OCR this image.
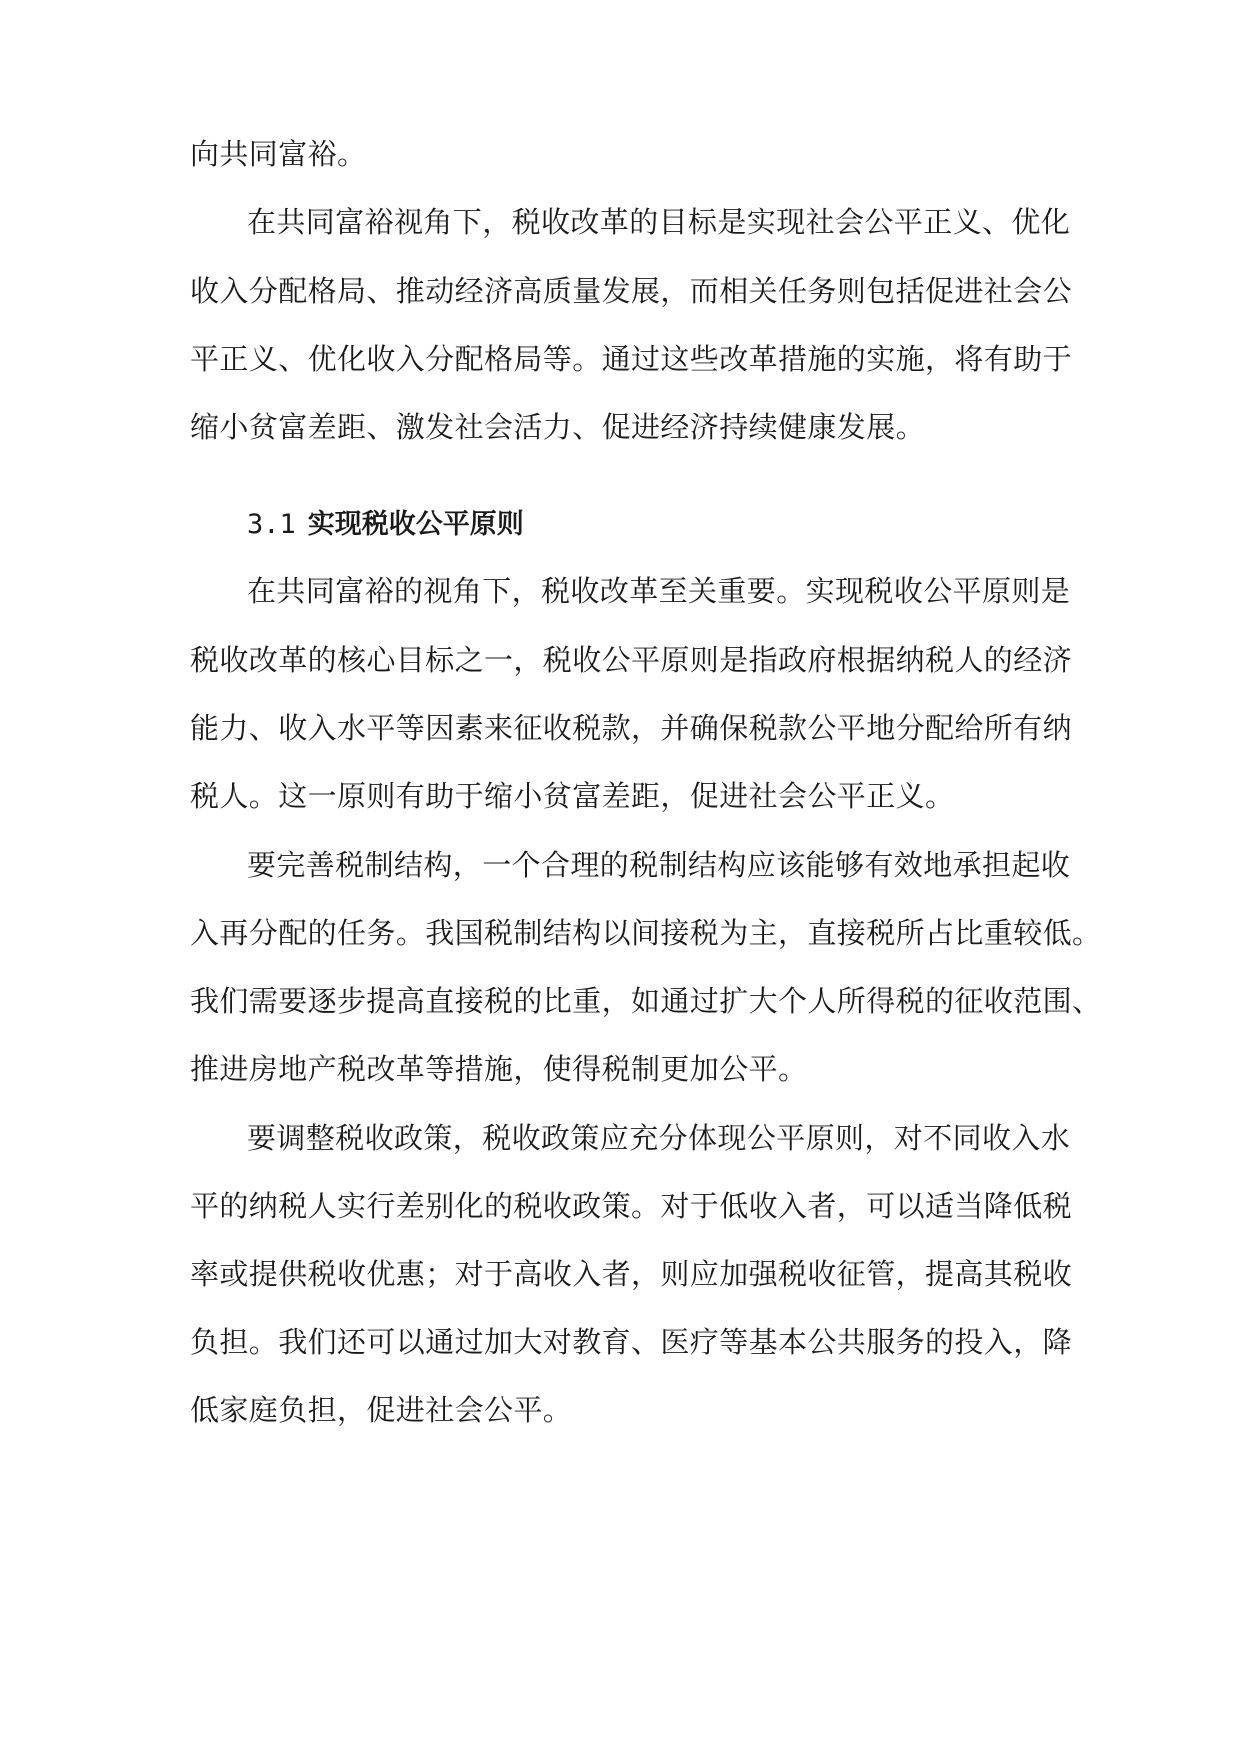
向共同富裕。
在共同富裕视角下，税收改革的目标是实现社会公平正义、优化
收入分配格局、推动经济高质量发展，而相关任务则包括促进社会公
平正义、优化收入分配格局等。通过这些改革措施的实施，将有助于
缩小贫富差距、激发社会活力、促进经济持续健康发展。
3.1 实现税收公平原则
在共同富裕的视角下，税收改革至关重要。实现税收公平原则是
税收改革的核心目标之一，税收公平原则是指政府根据纳税人的经济
能力、收入水平等因素来征收税款，并确保税款公平地分配给所有纳
税人。这一原则有助于缩小贫富差距，促进社会公平正义。
要完善税制结构，一个合理的税制结构应该能够有效地承担起收
入再分配的任务。我国税制结构以间接税为主，直接税所占比重较低。
我们需要逐步提高直接税的比重，如通过扩大个人所得税的征收范围、
推进房地产税改革等措施，使得税制更加公平。
要调整税收政策，税收政策应充分体现公平原则，对不同收入水
平的纳税人实行差别化的税收政策。对于低收入者，可以适当降低税
率或提供税收优惠；对于高收入者，则应加强税收征管，提高其税收
负担。我们还可以通过加大对教育、医疗等基本公共服务的投入，降
低家庭负担，促进社会公平。
